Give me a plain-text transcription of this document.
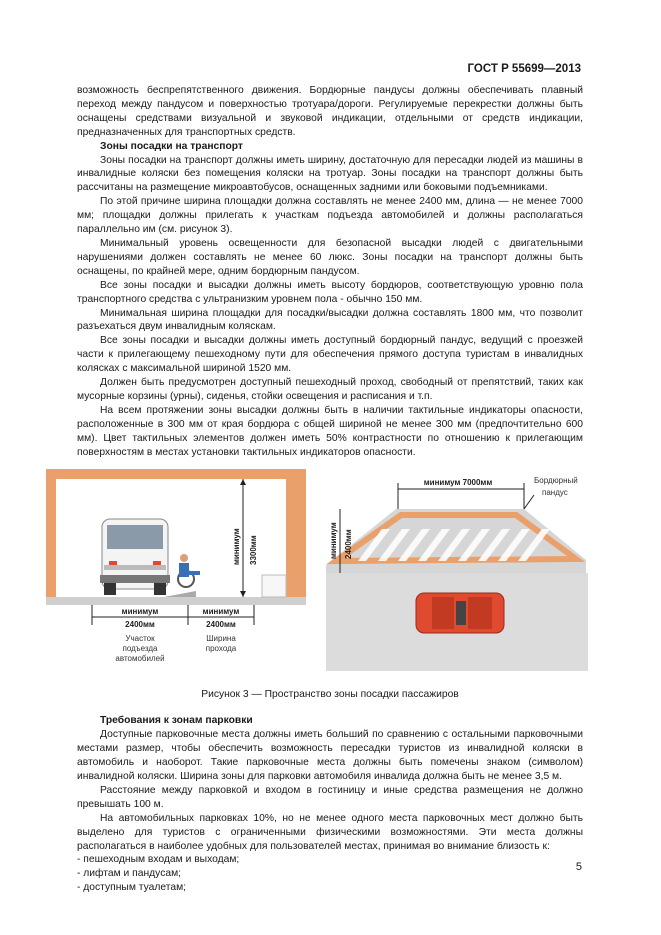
ГОСТ Р 55699—2013

возможность беспрепятственного движения. Бордюрные пандусы должны обеспечивать плавный переход между пандусом и поверхностью тротуара/дороги. Регулируемые перекрестки должны быть оснащены средствами визуальной и звуковой индикации, отдельными от средств индикации, предназначенных для транспортных средств.

Зоны посадки на транспорт

Зоны посадки на транспорт должны иметь ширину, достаточную для пересадки людей из машины в инвалидные коляски без помещения коляски на тротуар. Зоны посадки на транспорт должны быть рассчитаны на размещение микроавтобусов, оснащенных задними или боковыми подъемниками.

По этой причине ширина площадки должна составлять не менее 2400 мм, длина — не менее 7000 мм; площадки должны прилегать к участкам подъезда автомобилей и должны располагаться параллельно им (см. рисунок 3).

Минимальный уровень освещенности для безопасной высадки людей с двигательными нарушениями должен составлять не менее 60 люкс. Зоны посадки на транспорт должны быть оснащены, по крайней мере, одним бордюрным пандусом.

Все зоны посадки и высадки должны иметь высоту бордюров, соответствующую уровню пола транспортного средства с ультранизким уровнем пола - обычно 150 мм.

Минимальная ширина площадки для посадки/высадки должна составлять 1800 мм, что позволит разъехаться двум инвалидным коляскам.

Все зоны посадки и высадки должны иметь доступный бордюрный пандус, ведущий с проезжей части к прилегающему пешеходному пути для обеспечения прямого доступа туристам в инвалидных колясках с максимальной шириной 1520 мм.

Должен быть предусмотрен доступный пешеходный проход, свободный от препятствий, таких как мусорные корзины (урны), сиденья, стойки освещения и расписания и т.п.

На всем протяжении зоны высадки должны быть в наличии тактильные индикаторы опасности, расположенные в 300 мм от края бордюра с общей шириной не менее 300 мм (предпочтительно 600 мм). Цвет тактильных элементов должен иметь 50% контрастности по отношению к прилегающим поверхностям в местах установки тактильных индикаторов опасности.

минимум 3300мм
минимум
2400мм
минимум
2400мм
Участок
подъезда
автомобилей
Ширина
прохода
минимум 7000мм
минимум 2400мм
Бордюрный
пандус

Рисунок 3 — Пространство зоны посадки пассажиров

Требования к зонам парковки

Доступные парковочные места должны иметь больший по сравнению с остальными парковочными местами размер, чтобы обеспечить возможность пересадки туристов из инвалидной коляски в автомобиль и наоборот. Такие парковочные места должны быть помечены знаком (символом) инвалидной коляски. Ширина зоны для парковки автомобиля инвалида должна быть не менее 3,5 м.

Расстояние между парковкой и входом в гостиницу и иные средства размещения не должно превышать 100 м.

На автомобильных парковках 10%, но не менее одного места парковочных мест должно быть выделено для туристов с ограниченными физическими возможностями. Эти места должны располагаться в наиболее удобных для пользователей местах, принимая во внимание близость к:

- пешеходным входам и выходам;

- лифтам и пандусам;

- доступным туалетам;

5
